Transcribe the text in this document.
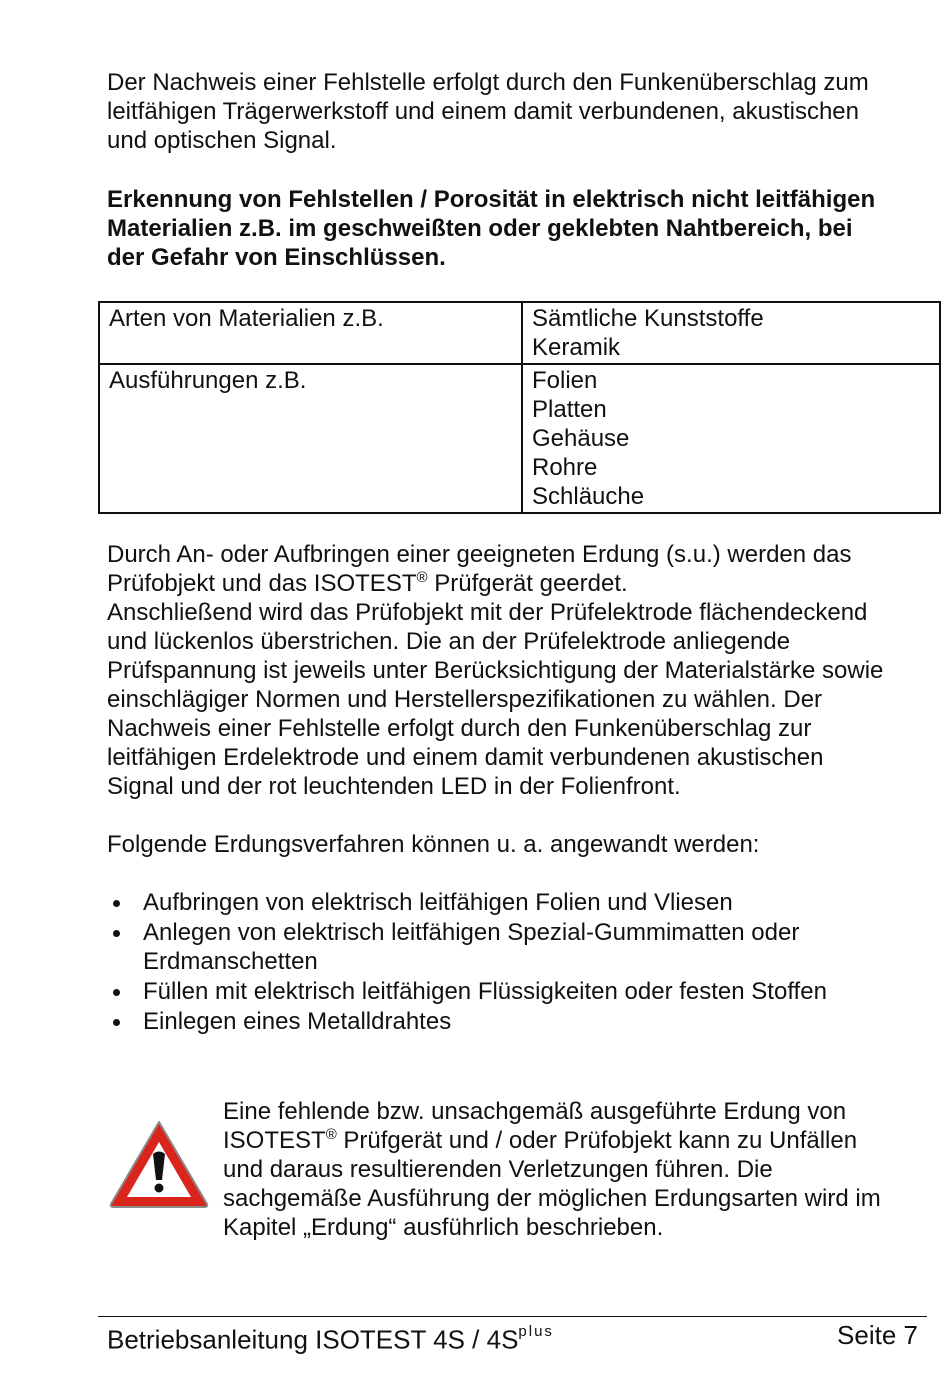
Der Nachweis einer Fehlstelle erfolgt durch den Funkenüberschlag zum
leitfähigen Trägerwerkstoff und einem damit verbundenen, akustischen
und optischen Signal.
Erkennung von Fehlstellen / Porosität in elektrisch nicht leitfähigen
Materialien z.B. im geschweißten oder geklebten Nahtbereich, bei
der Gefahr von Einschlüssen.
Arten von Materialien z.B.	Sämtliche Kunststoffe
Keramik

Ausführungen z.B.	Folien
Platten
Gehäuse
Rohre
Schläuche
Durch An- oder Aufbringen einer geeigneten Erdung (s.u.) werden das
Prüfobjekt und das ISOTEST® Prüfgerät geerdet.
Anschließend wird das Prüfobjekt mit der Prüfelektrode flächendeckend
und lückenlos überstrichen. Die an der Prüfelektrode anliegende
Prüfspannung ist jeweils unter Berücksichtigung der Materialstärke sowie
einschlägiger Normen und Herstellerspezifikationen zu wählen. Der
Nachweis einer Fehlstelle erfolgt durch den Funkenüberschlag zur
leitfähigen Erdelektrode und einem damit verbundenen akustischen
Signal und der rot leuchtenden LED in der Folienfront.
Folgende Erdungsverfahren können u. a. angewandt werden:
Aufbringen von elektrisch leitfähigen Folien und Vliesen
Anlegen von elektrisch leitfähigen Spezial-Gummimatten oder
Erdmanschetten
Füllen mit elektrisch leitfähigen Flüssigkeiten oder festen Stoffen
Einlegen eines Metalldrahtes
Eine fehlende bzw. unsachgemäß ausgeführte Erdung von
ISOTEST® Prüfgerät und / oder Prüfobjekt kann zu Unfällen
und daraus resultierenden Verletzungen führen. Die
sachgemäße Ausführung der möglichen Erdungsarten wird im
Kapitel „Erdung“ ausführlich beschrieben.
Betriebsanleitung ISOTEST $4S / 4S^{plus}$	Seite 7
